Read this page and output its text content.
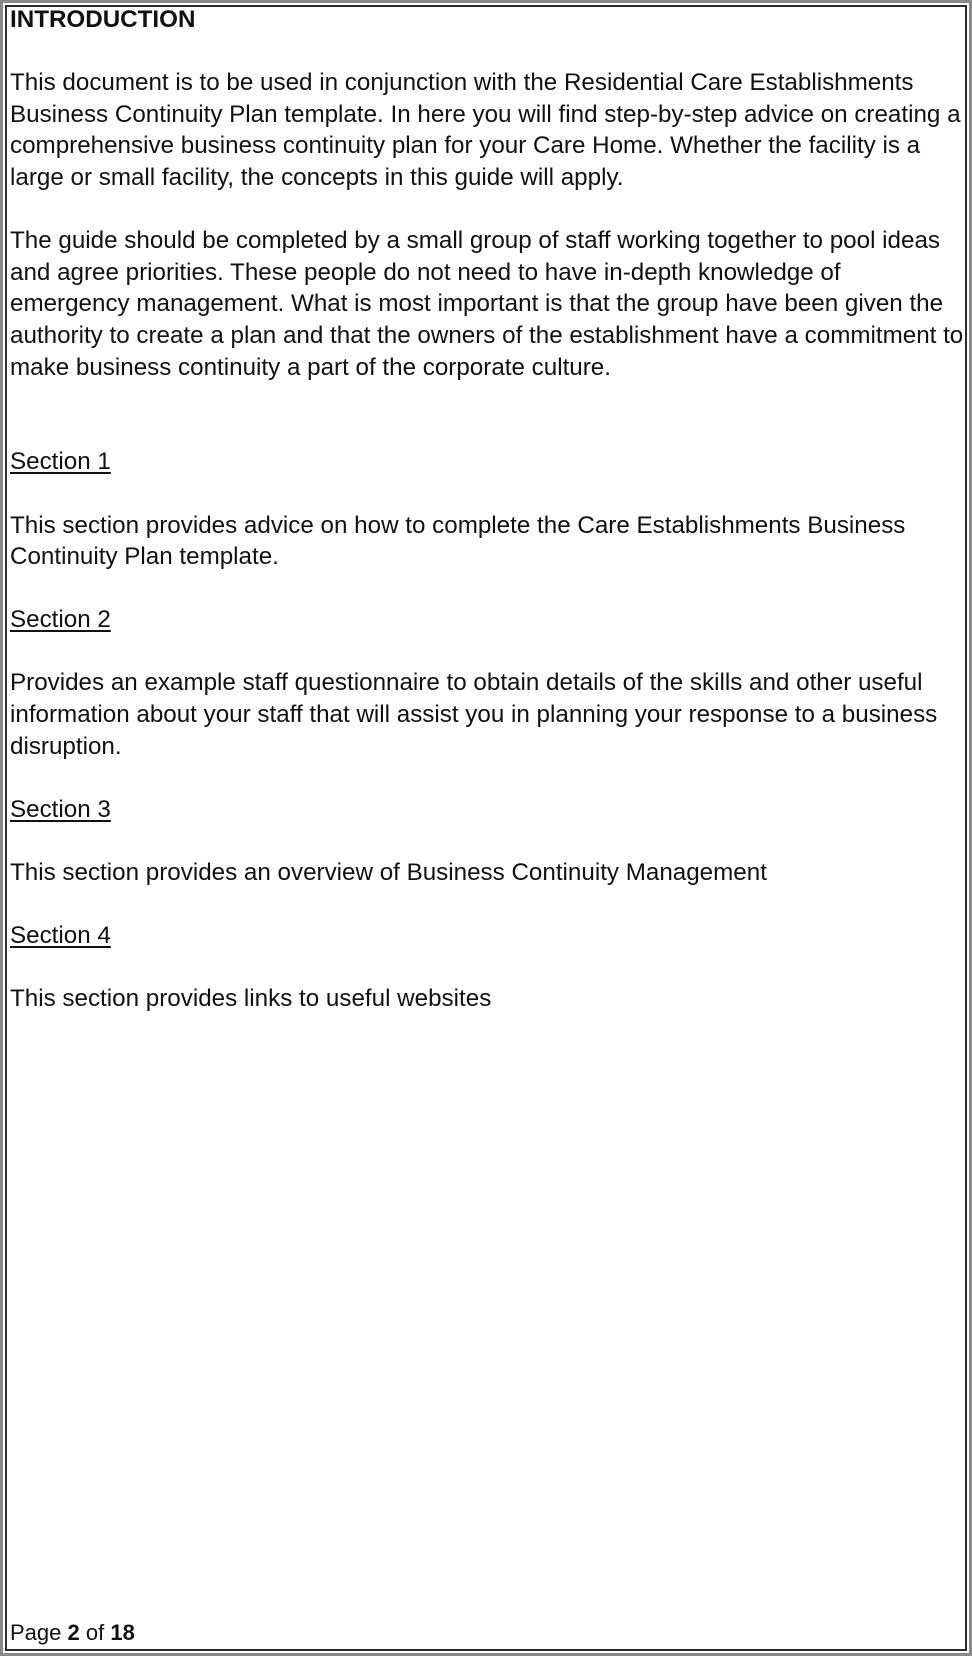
INTRODUCTION

This document is to be used in conjunction with the Residential Care Establishments Business Continuity Plan template. In here you will find step-by-step advice on creating a comprehensive business continuity plan for your Care Home. Whether the facility is a large or small facility, the concepts in this guide will apply.

The guide should be completed by a small group of staff working together to pool ideas and agree priorities. These people do not need to have in-depth knowledge of emergency management. What is most important is that the group have been given the authority to create a plan and that the owners of the establishment have a commitment to make business continuity a part of the corporate culture.

Section 1

This section provides advice on how to complete the Care Establishments Business Continuity Plan template.

Section 2

Provides an example staff questionnaire to obtain details of the skills and other useful information about your staff that will assist you in planning your response to a business disruption.

Section 3

This section provides an overview of Business Continuity Management

Section 4

This section provides links to useful websites

Page 2 of 18
